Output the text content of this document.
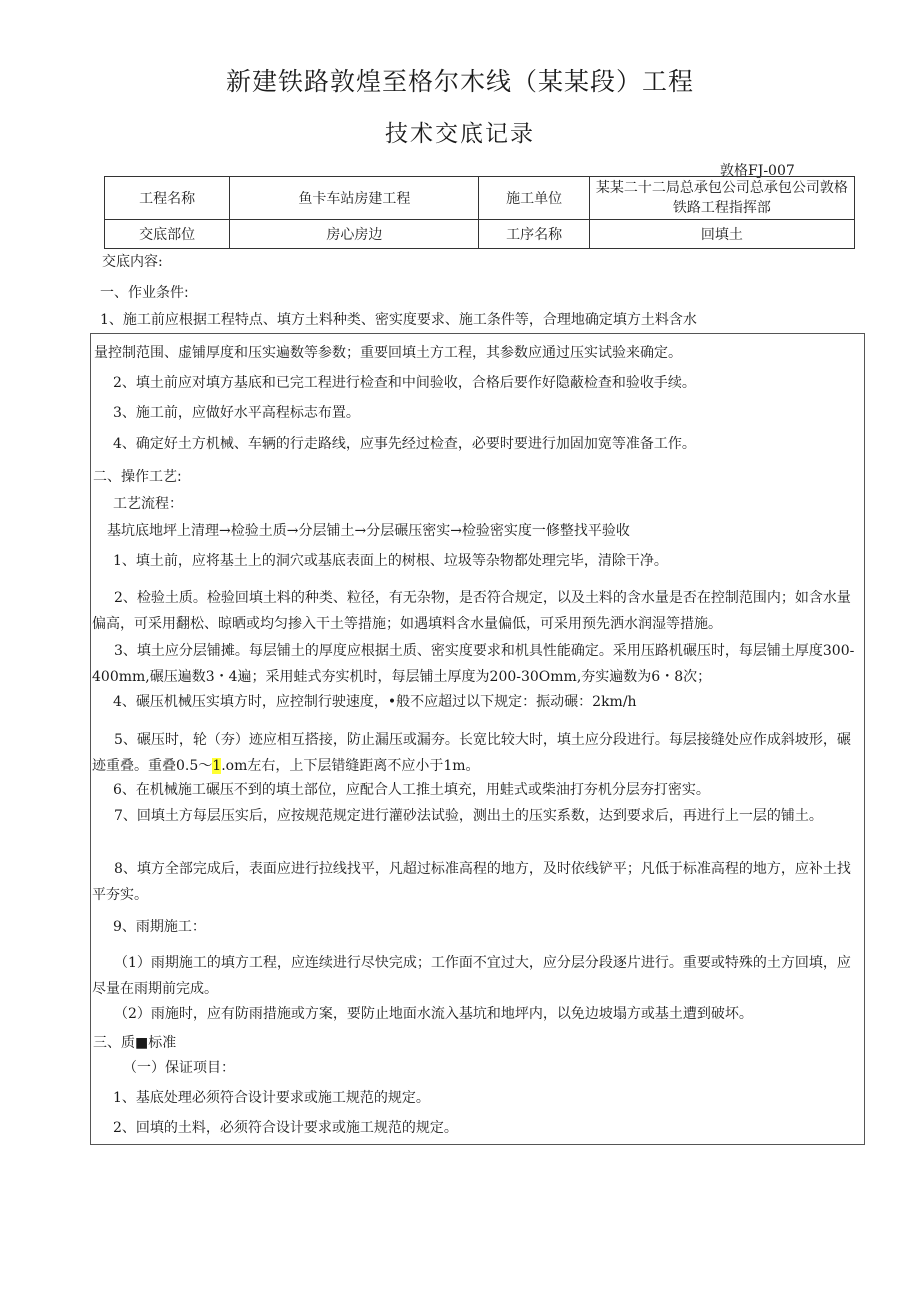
新建铁路敦煌至格尔木线（某某段）工程
技术交底记录
敦格FJ-007
工程名称	鱼卡车站房建工程	施工单位	某某二十二局总承包公司总承包公司敦格铁路工程指挥部

交底部位	房心房边	工序名称	回填土
交底内容:
一、作业条件:
1、施工前应根据工程特点、填方土料种类、密实度要求、施工条件等，合理地确定填方土料含水
量控制范围、虚铺厚度和压实遍数等参数；重要回填土方工程，其参数应通过压实试验来确定。
2、填土前应对填方基底和已完工程进行检查和中间验收，合格后要作好隐蔽检查和验收手续。
3、施工前，应做好水平高程标志布置。
4、确定好土方机械、车辆的行走路线，应事先经过检查，必要时要进行加固加宽等准备工作。
二、操作工艺:
工艺流程：
基坑底地坪上清理→检验土质→分层铺土→分层碾压密实→检验密实度一修整找平验收
1、填土前，应将基土上的洞穴或基底表面上的树根、垃圾等杂物都处理完毕，清除干净。

2、检验土质。检验回填土料的种类、粒径，有无杂物，是否符合规定，以及土料的含水量是否在控制范围内；如含水量偏高，可采用翻松、晾晒或均匀掺入干土等措施；如遇填料含水量偏低，可采用预先洒水润湿等措施。

3、填土应分层铺摊。每层铺土的厚度应根据土质、密实度要求和机具性能确定。采用压路机碾压时，每层铺土厚度300-400mm,碾压遍数3・4遍；采用蛙式夯实机时，每层铺土厚度为200-30Omm,夯实遍数为6・8次；

4、碾压机械压实填方时，应控制行驶速度，•般不应超过以下规定：振动碾：2km/h

5、碾压时，轮（夯）迹应相互搭接，防止漏压或漏夯。长宽比较大时，填土应分段进行。每层接缝处应作成斜坡形，碾迹重叠。重叠0.5〜1.om左右，上下层错缝距离不应小于1m。

6、在机械施工碾压不到的填土部位，应配合人工推土填充，用蛙式或柴油打夯机分层夯打密实。

7、回填土方每层压实后，应按规范规定进行灌砂法试验，测出土的压实系数，达到要求后，再进行上一层的铺土。

8、填方全部完成后，表面应进行拉线找平，凡超过标准高程的地方，及时依线铲平；凡低于标准高程的地方，应补土找平夯实。

9、雨期施工：

（1）雨期施工的填方工程，应连续进行尽快完成；工作面不宜过大，应分层分段逐片进行。重要或特殊的土方回填，应尽量在雨期前完成。

（2）雨施时，应有防雨措施或方案，要防止地面水流入基坑和地坪内，以免边坡塌方或基土遭到破坏。
三、质■标准
（一）保证项目：
1、基底处理必须符合设计要求或施工规范的规定。
2、回填的土料，必须符合设计要求或施工规范的规定。
